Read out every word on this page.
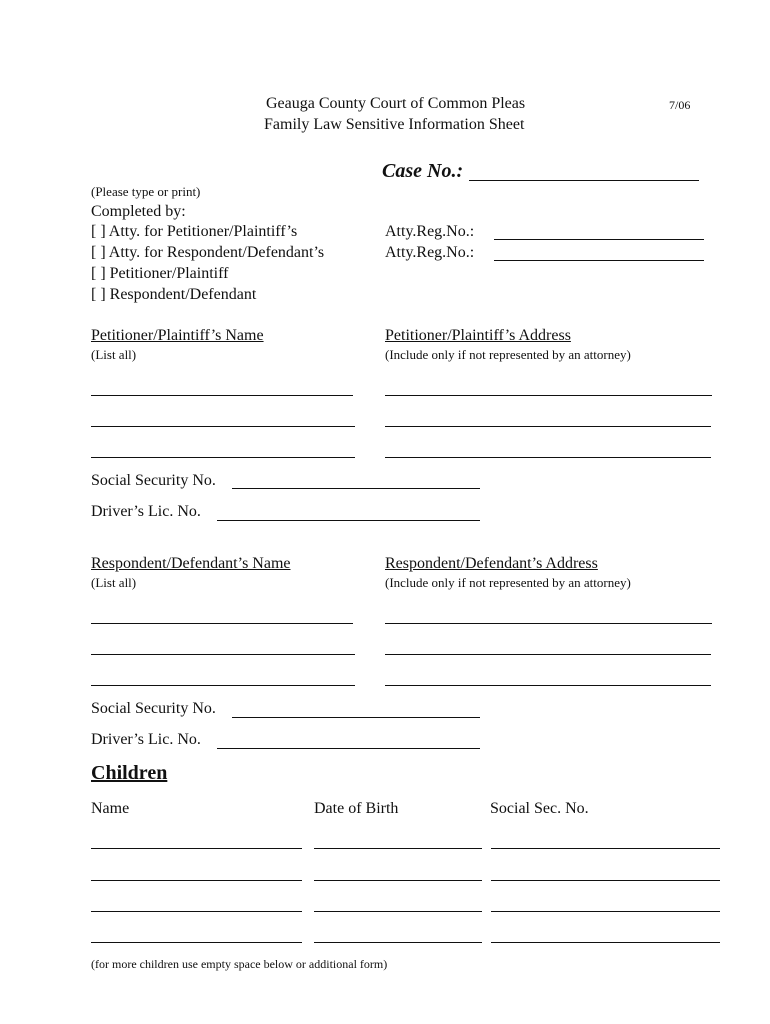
Geauga County Court of Common Pleas
Family Law Sensitive Information Sheet
7/06
Case No.:
(Please type or print)
Completed by:
[ ] Atty. for Petitioner/Plaintiff’s
[ ] Atty. for Respondent/Defendant’s
[ ] Petitioner/Plaintiff
[ ] Respondent/Defendant
Atty.Reg.No.:
Atty.Reg.No.:
Petitioner/Plaintiff’s Name
(List all)
Petitioner/Plaintiff’s Address
(Include only if not represented by an attorney)
Social Security No.
Driver’s Lic. No.
Respondent/Defendant’s Name
(List all)
Respondent/Defendant’s Address
(Include only if not represented by an attorney)
Social Security No.
Driver’s Lic. No.
Children
Name	Date of Birth	Social Sec. No.
(for more children use empty space below or additional form)
